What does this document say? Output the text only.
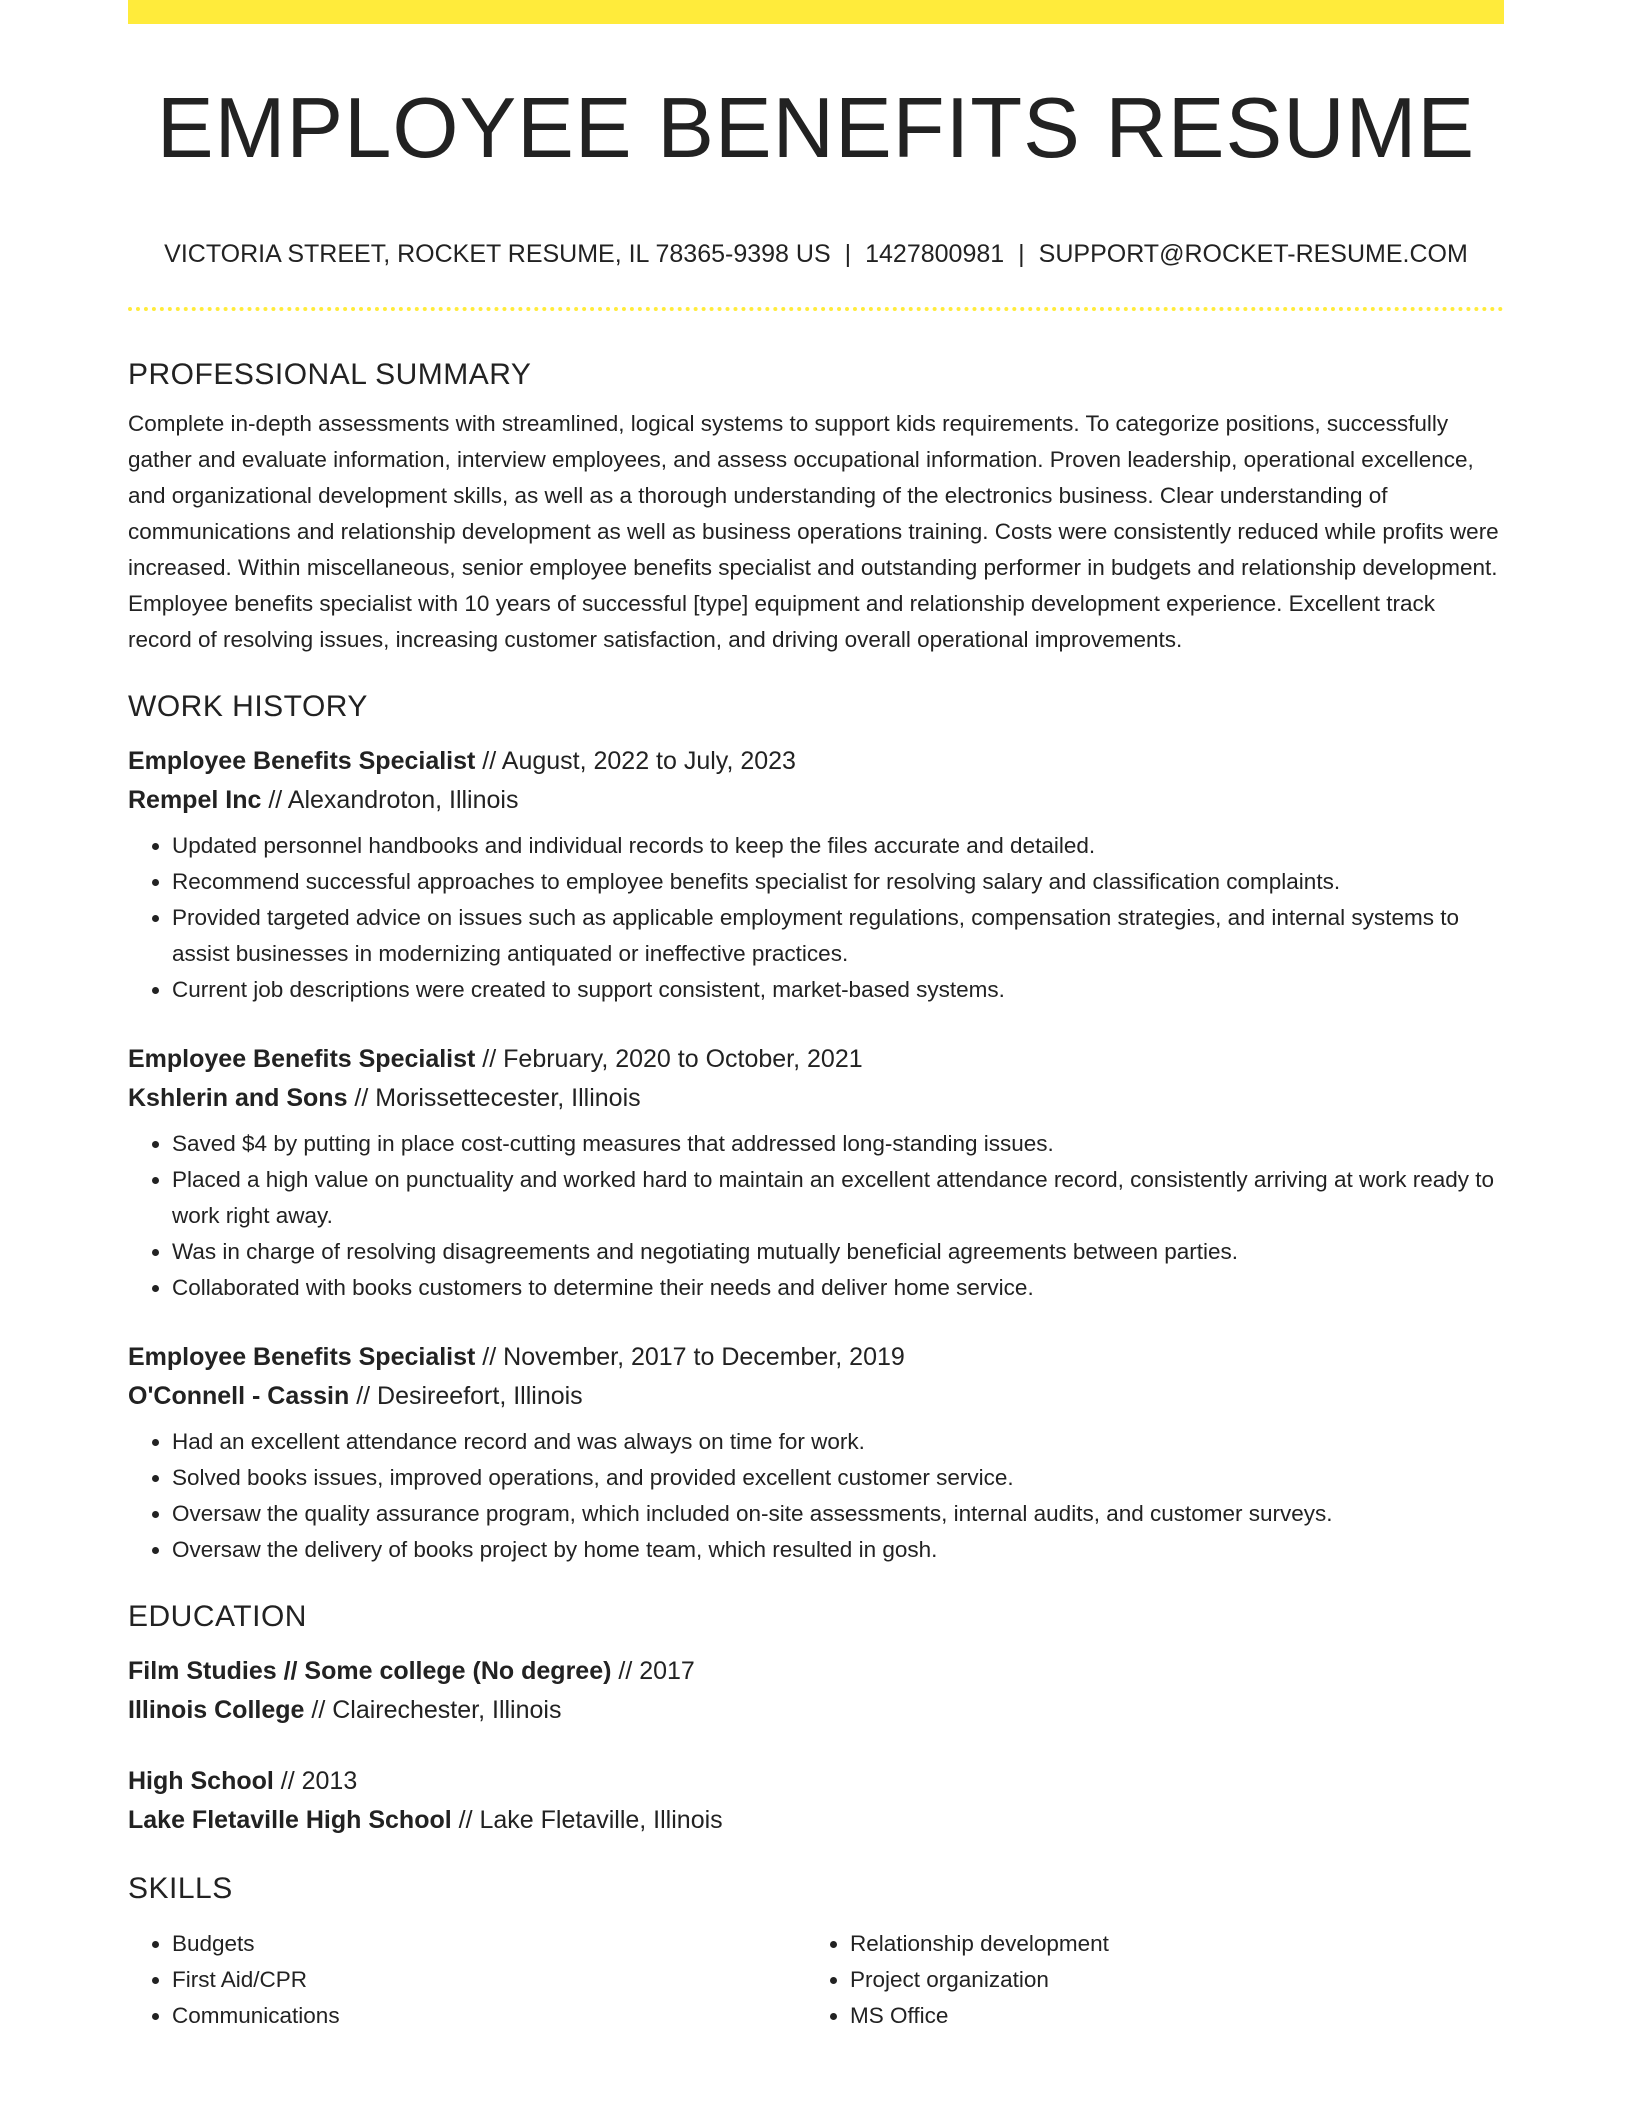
EMPLOYEE BENEFITS RESUME
VICTORIA STREET, ROCKET RESUME, IL 78365-9398 US | 1427800981 | SUPPORT@ROCKET-RESUME.COM
PROFESSIONAL SUMMARY

Complete in-depth assessments with streamlined, logical systems to support kids requirements. To categorize positions, successfully gather and evaluate information, interview employees, and assess occupational information. Proven leadership, operational excellence, and organizational development skills, as well as a thorough understanding of the electronics business. Clear understanding of communications and relationship development as well as business operations training. Costs were consistently reduced while profits were increased. Within miscellaneous, senior employee benefits specialist and outstanding performer in budgets and relationship development. Employee benefits specialist with 10 years of successful [type] equipment and relationship development experience. Excellent track record of resolving issues, increasing customer satisfaction, and driving overall operational improvements.

WORK HISTORY
Employee Benefits Specialist // August, 2022 to July, 2023
Rempel Inc // Alexandroton, Illinois
• Updated personnel handbooks and individual records to keep the files accurate and detailed.
• Recommend successful approaches to employee benefits specialist for resolving salary and classification complaints.
• Provided targeted advice on issues such as applicable employment regulations, compensation strategies, and internal systems to assist businesses in modernizing antiquated or ineffective practices.
• Current job descriptions were created to support consistent, market-based systems.
Employee Benefits Specialist // February, 2020 to October, 2021
Kshlerin and Sons // Morissettecester, Illinois
• Saved $4 by putting in place cost-cutting measures that addressed long-standing issues.
• Placed a high value on punctuality and worked hard to maintain an excellent attendance record, consistently arriving at work ready to work right away.
• Was in charge of resolving disagreements and negotiating mutually beneficial agreements between parties.
• Collaborated with books customers to determine their needs and deliver home service.
Employee Benefits Specialist // November, 2017 to December, 2019
O'Connell - Cassin // Desireefort, Illinois
• Had an excellent attendance record and was always on time for work.
• Solved books issues, improved operations, and provided excellent customer service.
• Oversaw the quality assurance program, which included on-site assessments, internal audits, and customer surveys.
• Oversaw the delivery of books project by home team, which resulted in gosh.
EDUCATION
Film Studies // Some college (No degree) // 2017
Illinois College // Clairechester, Illinois
High School // 2013
Lake Fletaville High School // Lake Fletaville, Illinois
SKILLS
• Budgets
• First Aid/CPR
• Communications
• Relationship development
• Project organization
• MS Office
